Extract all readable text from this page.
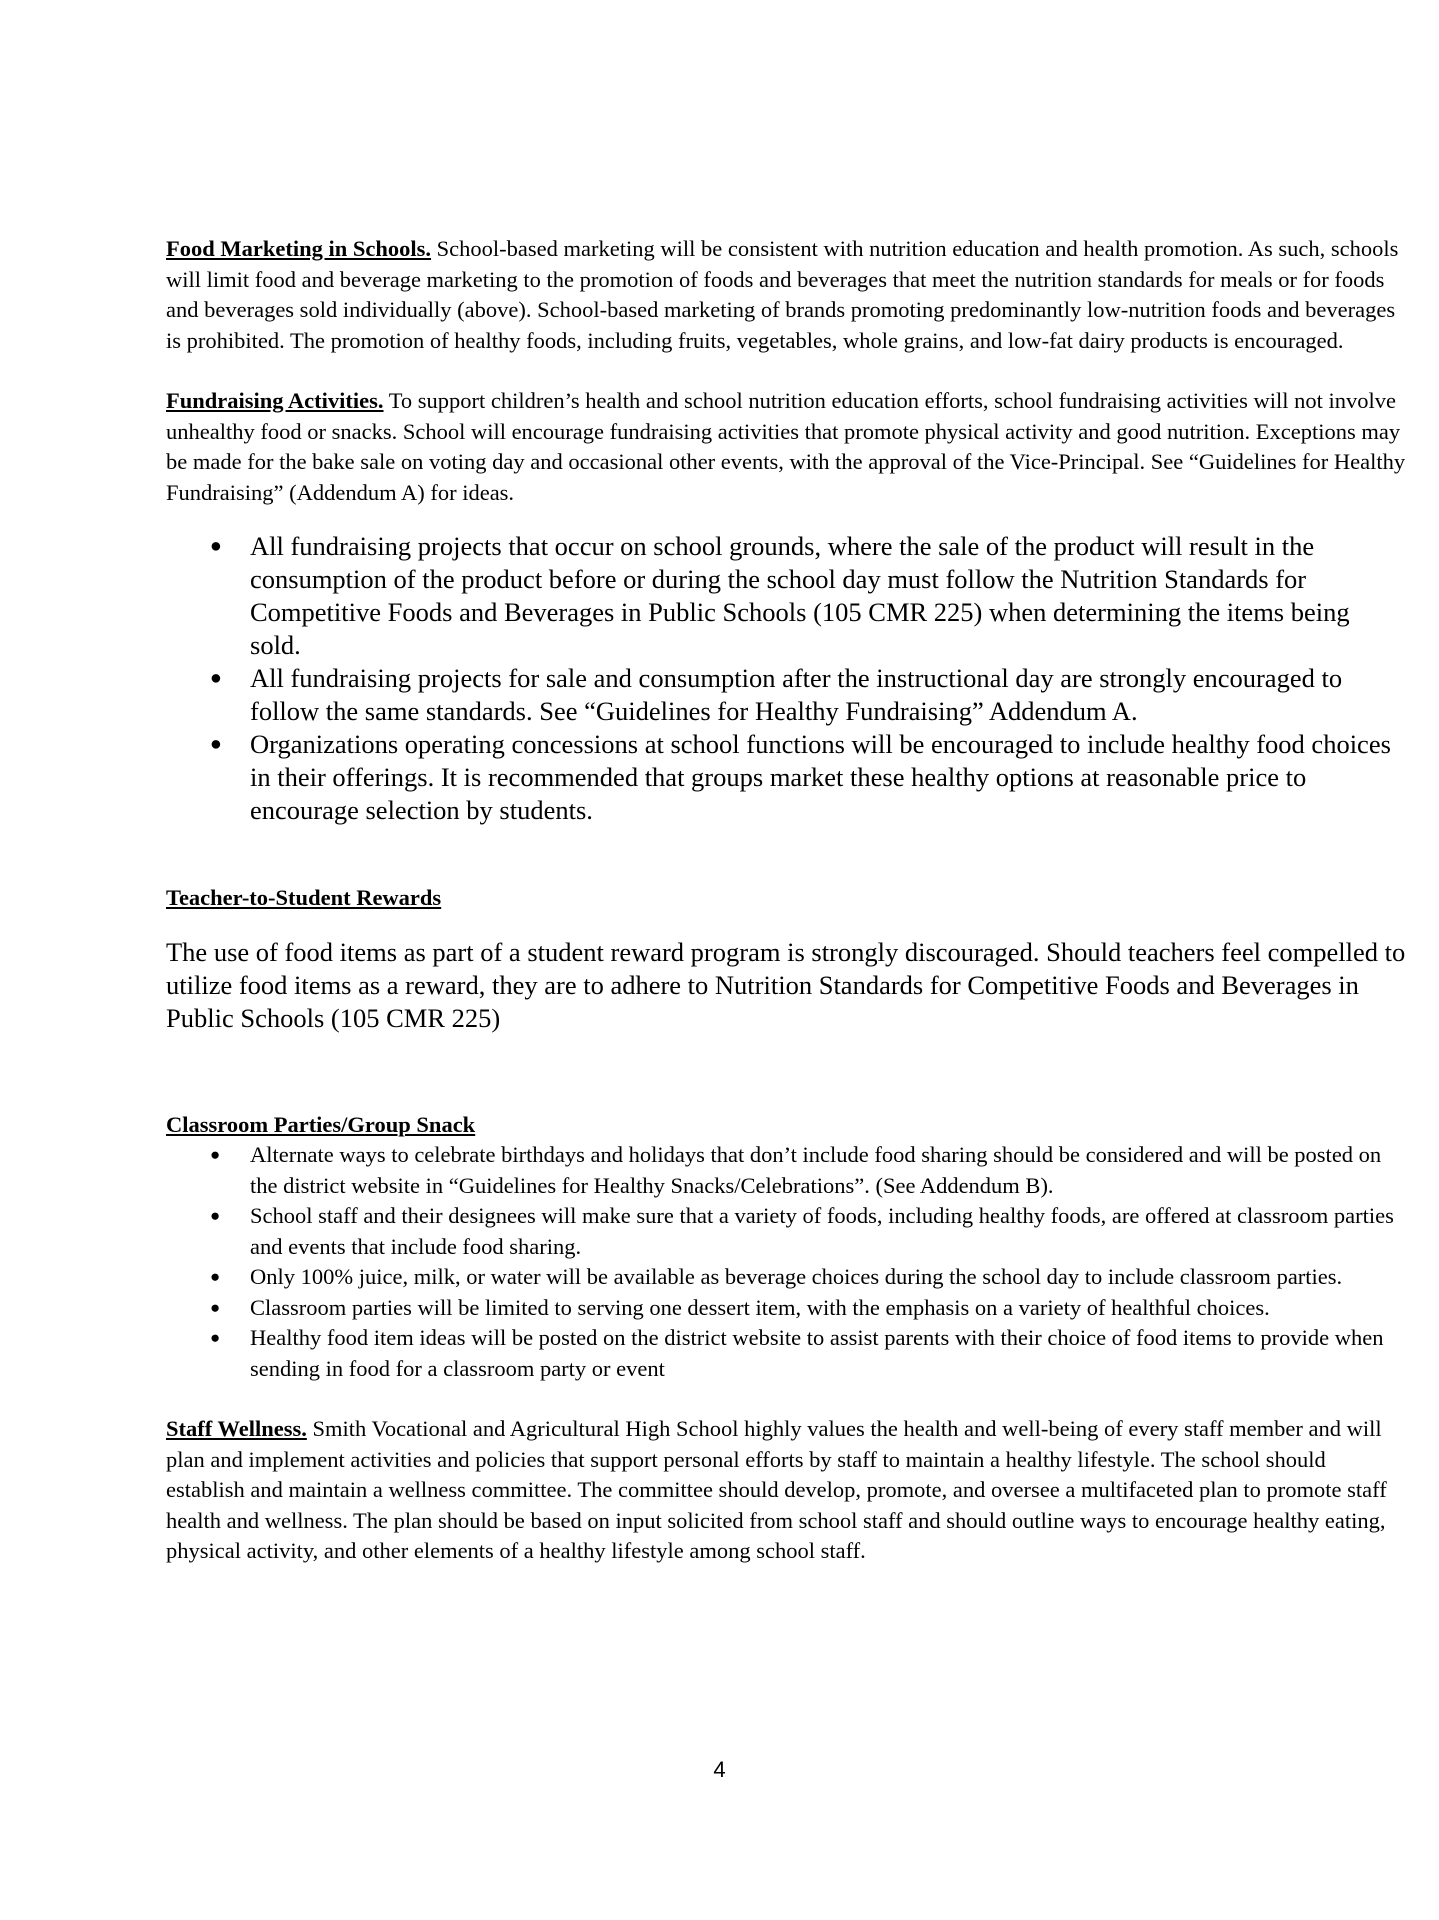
Food Marketing in Schools. School-based marketing will be consistent with nutrition education and health promotion. As such, schools will limit food and beverage marketing to the promotion of foods and beverages that meet the nutrition standards for meals or for foods and beverages sold individually (above). School-based marketing of brands promoting predominantly low-nutrition foods and beverages is prohibited. The promotion of healthy foods, including fruits, vegetables, whole grains, and low-fat dairy products is encouraged.

Fundraising Activities. To support children’s health and school nutrition education efforts, school fundraising activities will not involve unhealthy food or snacks. School will encourage fundraising activities that promote physical activity and good nutrition. Exceptions may be made for the bake sale on voting day and occasional other events, with the approval of the Vice-Principal. See “Guidelines for Healthy Fundraising” (Addendum A) for ideas.

● All fundraising projects that occur on school grounds, where the sale of the product will result in the consumption of the product before or during the school day must follow the Nutrition Standards for Competitive Foods and Beverages in Public Schools (105 CMR 225) when determining the items being sold.
● All fundraising projects for sale and consumption after the instructional day are strongly encouraged to follow the same standards. See “Guidelines for Healthy Fundraising” Addendum A.
● Organizations operating concessions at school functions will be encouraged to include healthy food choices in their offerings. It is recommended that groups market these healthy options at reasonable price to encourage selection by students.

Teacher-to-Student Rewards

The use of food items as part of a student reward program is strongly discouraged. Should teachers feel compelled to utilize food items as a reward, they are to adhere to Nutrition Standards for Competitive Foods and Beverages in Public Schools (105 CMR 225)

Classroom Parties/Group Snack

● Alternate ways to celebrate birthdays and holidays that don’t include food sharing should be considered and will be posted on the district website in “Guidelines for Healthy Snacks/Celebrations”. (See Addendum B).
● School staff and their designees will make sure that a variety of foods, including healthy foods, are offered at classroom parties and events that include food sharing.
● Only 100% juice, milk, or water will be available as beverage choices during the school day to include classroom parties.
● Classroom parties will be limited to serving one dessert item, with the emphasis on a variety of healthful choices.
● Healthy food item ideas will be posted on the district website to assist parents with their choice of food items to provide when sending in food for a classroom party or event

Staff Wellness. Smith Vocational and Agricultural High School highly values the health and well-being of every staff member and will plan and implement activities and policies that support personal efforts by staff to maintain a healthy lifestyle. The school should establish and maintain a wellness committee. The committee should develop, promote, and oversee a multifaceted plan to promote staff health and wellness. The plan should be based on input solicited from school staff and should outline ways to encourage healthy eating, physical activity, and other elements of a healthy lifestyle among school staff.

4
